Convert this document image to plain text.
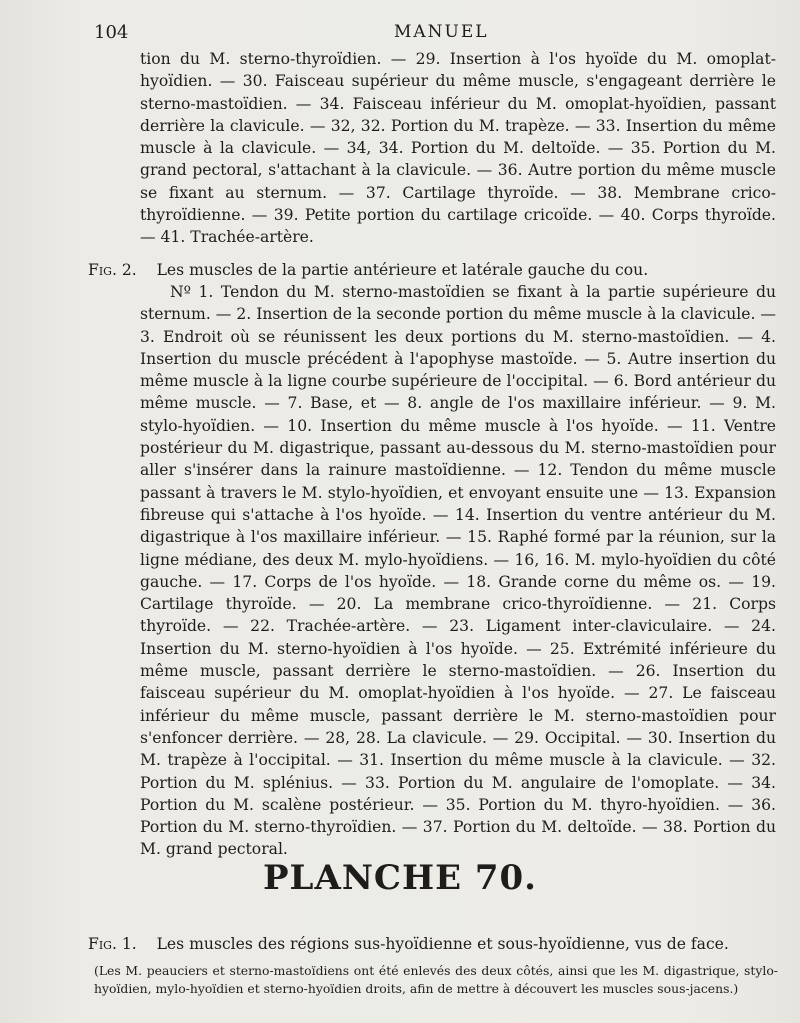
104	MANUEL

tion du M. sterno-thyroïdien. — 29. Insertion à l'os hyoïde du M. omoplat-hyoïdien. — 30. Faisceau supérieur du même muscle, s'engageant derrière le sterno-mastoïdien. — 34. Faisceau inférieur du M. omoplat-hyoïdien, passant derrière la clavicule. — 32, 32. Portion du M. trapèze. — 33. Insertion du même muscle à la clavicule. — 34, 34. Portion du M. deltoïde. — 35. Portion du M. grand pectoral, s'attachant à la clavicule. — 36. Autre portion du même muscle se fixant au sternum. — 37. Cartilage thyroïde. — 38. Membrane crico-thyroïdienne. — 39. Petite portion du cartilage cricoïde. — 40. Corps thyroïde. — 41. Trachée-artère.

Fig. 2. Les muscles de la partie antérieure et latérale gauche du cou.

Nº 1. Tendon du M. sterno-mastoïdien se fixant à la partie supérieure du sternum. — 2. Insertion de la seconde portion du même muscle à la clavicule. — 3. Endroit où se réunissent les deux portions du M. sterno-mastoïdien. — 4. Insertion du muscle précédent à l'apophyse mastoïde. — 5. Autre insertion du même muscle à la ligne courbe supérieure de l'occipital. — 6. Bord antérieur du même muscle. — 7. Base, et — 8. angle de l'os maxillaire inférieur. — 9. M. stylo-hyoïdien. — 10. Insertion du même muscle à l'os hyoïde. — 11. Ventre postérieur du M. digastrique, passant au-dessous du M. sterno-mastoïdien pour aller s'insérer dans la rainure mastoïdienne. — 12. Tendon du même muscle passant à travers le M. stylo-hyoïdien, et envoyant ensuite une — 13. Expansion fibreuse qui s'attache à l'os hyoïde. — 14. Insertion du ventre antérieur du M. digastrique à l'os maxillaire inférieur. — 15. Raphé formé par la réunion, sur la ligne médiane, des deux M. mylo-hyoïdiens. — 16, 16. M. mylo-hyoïdien du côté gauche. — 17. Corps de l'os hyoïde. — 18. Grande corne du même os. — 19. Cartilage thyroïde. — 20. La membrane crico-thyroïdienne. — 21. Corps thyroïde. — 22. Trachée-artère. — 23. Ligament inter-claviculaire. — 24. Insertion du M. sterno-hyoïdien à l'os hyoïde. — 25. Extrémité inférieure du même muscle, passant derrière le sterno-mastoïdien. — 26. Insertion du faisceau supérieur du M. omoplat-hyoïdien à l'os hyoïde. — 27. Le faisceau inférieur du même muscle, passant derrière le M. sterno-mastoïdien pour s'enfoncer derrière. — 28, 28. La clavicule. — 29. Occipital. — 30. Insertion du M. trapèze à l'occipital. — 31. Insertion du même muscle à la clavicule. — 32. Portion du M. splénius. — 33. Portion du M. angulaire de l'omoplate. — 34. Portion du M. scalène postérieur. — 35. Portion du M. thyro-hyoïdien. — 36. Portion du M. sterno-thyroïdien. — 37. Portion du M. deltoïde. — 38. Portion du M. grand pectoral.

PLANCHE 70.
Fig. 1. Les muscles des régions sus-hyoïdienne et sous-hyoïdienne, vus de face.
(Les M. peauciers et sterno-mastoïdiens ont été enlevés des deux côtés, ainsi que les M. digastrique, stylo-hyoïdien, mylo-hyoïdien et sterno-hyoïdien droits, afin de mettre à découvert les muscles sous-jacens.)
